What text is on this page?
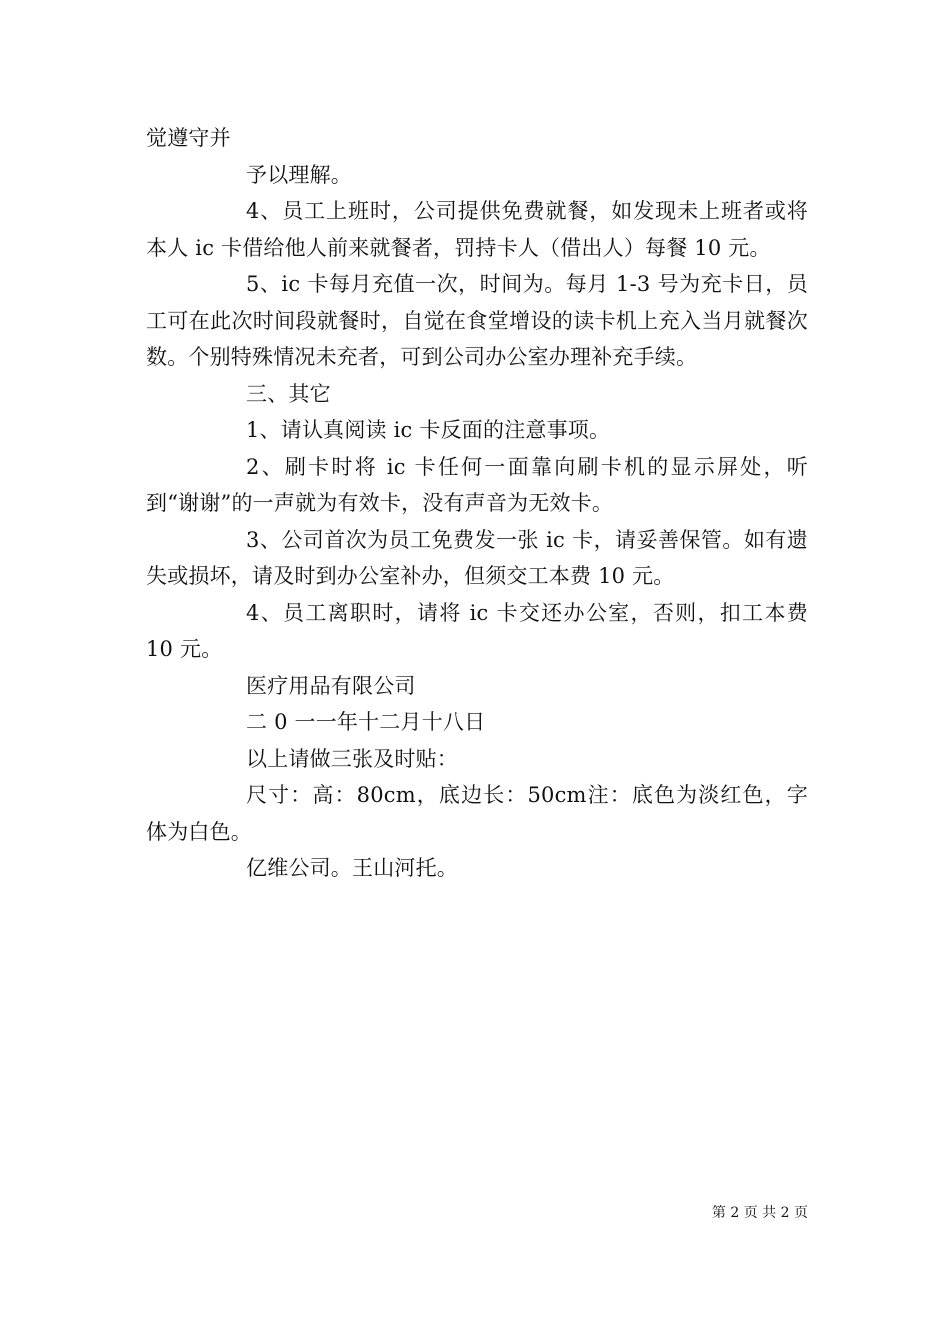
觉遵守并

予以理解。

4、员工上班时，公司提供免费就餐，如发现未上班者或将本人 ic 卡借给他人前来就餐者，罚持卡人（借出人）每餐 10 元。

5、ic 卡每月充值一次，时间为。每月 1-3 号为充卡日，员工可在此次时间段就餐时，自觉在食堂增设的读卡机上充入当月就餐次数。个别特殊情况未充者，可到公司办公室办理补充手续。

三、其它

1、请认真阅读 ic 卡反面的注意事项。

2、刷卡时将 ic 卡任何一面靠向刷卡机的显示屏处，听到“谢谢”的一声就为有效卡，没有声音为无效卡。

3、公司首次为员工免费发一张 ic 卡，请妥善保管。如有遗失或损坏，请及时到办公室补办，但须交工本费 10 元。

4、员工离职时，请将 ic 卡交还办公室，否则，扣工本费 10 元。

医疗用品有限公司

二 0 一一年十二月十八日

以上请做三张及时贴：

尺寸：高：80cm，底边长：50cm注：底色为淡红色，字体为白色。

亿维公司。王山河托。

第 2 页 共 2 页
